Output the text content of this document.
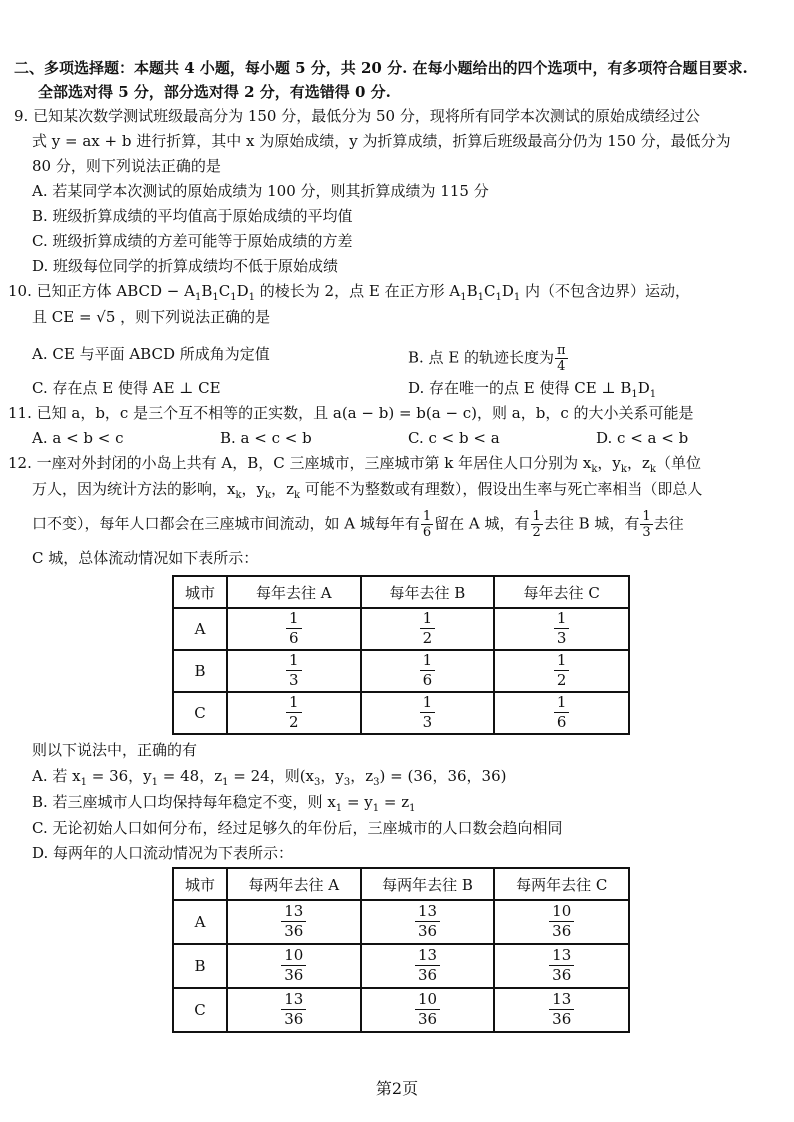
二、多项选择题：本题共 4 小题，每小题 5 分，共 20 分. 在每小题给出的四个选项中，有多项符合题目要求.
全部选对得 5 分，部分选对得 2 分，有选错得 0 分.
9. 已知某次数学测试班级最高分为 150 分，最低分为 50 分，现将所有同学本次测试的原始成绩经过公
式 y = ax + b 进行折算，其中 x 为原始成绩，y 为折算成绩，折算后班级最高分仍为 150 分，最低分为
80 分，则下列说法正确的是
A. 若某同学本次测试的原始成绩为 100 分，则其折算成绩为 115 分
B. 班级折算成绩的平均值高于原始成绩的平均值
C. 班级折算成绩的方差可能等于原始成绩的方差
D. 班级每位同学的折算成绩均不低于原始成绩
10. 已知正方体 ABCD − $A_1B_1C_1D_1$ 的棱长为 2，点 E 在正方形 $A_1B_1C_1D_1$ 内（不包含边界）运动，
且 CE = √5 ，则下列说法正确的是
A. CE 与平面 ABCD 所成角为定值	B. 点 E 的轨迹长度为 $\frac{\pi}{4}$
C. 存在点 E 使得 AE ⊥ CE	D. 存在唯一的点 E 使得 CE ⊥ $B_1D_1$
11. 已知 a，b，c 是三个互不相等的正实数，且 a(a − b) = b(a − c)，则 a，b，c 的大小关系可能是
A. a < b < c	B. a < c < b	C. c < b < a	D. c < a < b
12. 一座对外封闭的小岛上共有 A，B，C 三座城市，三座城市第 k 年居住人口分别为 $x_k$，$y_k$，$z_k$（单位
万人，因为统计方法的影响，$x_k$，$y_k$，$z_k$ 可能不为整数或有理数），假设出生率与死亡率相当（即总人
口不变），每年人口都会在三座城市间流动，如 A 城每年有 $\frac{1}{6}$ 留在 A 城，有 $\frac{1}{2}$ 去往 B 城，有 $\frac{1}{3}$ 去往
C 城，总体流动情况如下表所示：
城市	每年去往 A	每年去往 B	每年去往 C
A	$\frac{1}{6}$	$\frac{1}{2}$	$\frac{1}{3}$

B	$\frac{1}{3}$	$\frac{1}{6}$	$\frac{1}{2}$

C	$\frac{1}{2}$	$\frac{1}{3}$	$\frac{1}{6}$
则以下说法中，正确的有
A. 若 $x_1 = 36$，$y_1 = 48$，$z_1 = 24$，则($x_3$，$y_3$，$z_3) = (36$，36，36)
B. 若三座城市人口均保持每年稳定不变，则 $x_1 = y_1 = z_1$
C. 无论初始人口如何分布，经过足够久的年份后，三座城市的人口数会趋向相同
D. 每两年的人口流动情况为下表所示：
城市	每两年去往 A	每两年去往 B	每两年去往 C
A	$\frac{13}{36}$	$\frac{13}{36}$	$\frac{10}{36}$

B	$\frac{10}{36}$	$\frac{13}{36}$	$\frac{13}{36}$

C	$\frac{13}{36}$	$\frac{10}{36}$	$\frac{13}{36}$
第2页
